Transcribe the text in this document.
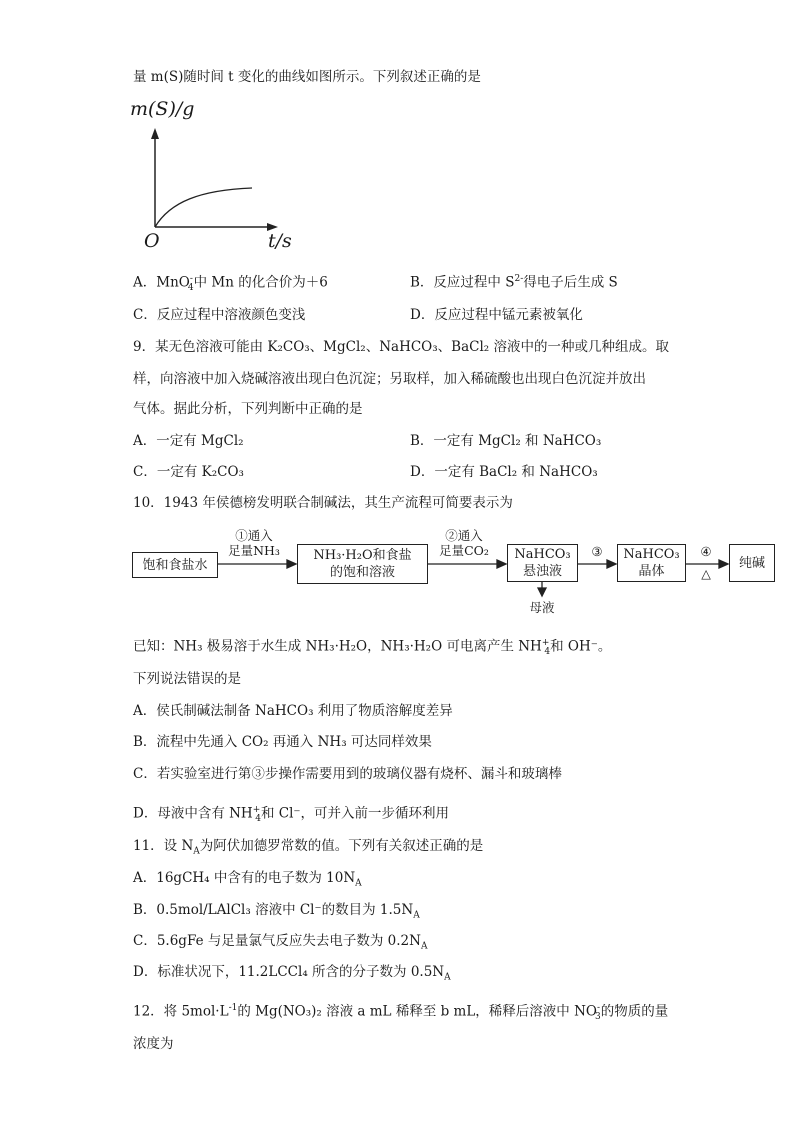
量 m(S)随时间 t 变化的曲线如图所示。下列叙述正确的是
m(S)/g
O	t/s
A．MnO-$_4$中 Mn 的化合价为＋6	B．反应过程中 $S^{2-}$得电子后生成 S
C．反应过程中溶液颜色变浅	D．反应过程中锰元素被氧化
9．某无色溶液可能由 K₂CO₃、MgCl₂、NaHCO₃、BaCl₂ 溶液中的一种或几种组成。取
样，向溶液中加入烧碱溶液出现白色沉淀；另取样，加入稀硫酸也出现白色沉淀并放出
气体。据此分析，下列判断中正确的是
A．一定有 MgCl₂	B．一定有 MgCl₂ 和 NaHCO₃
C．一定有 K₂CO₃	D．一定有 BaCl₂ 和 NaHCO₃
10．1943 年侯德榜发明联合制碱法，其生产流程可简要表示为
饱和食盐水
①通入
足量NH₃	NH₃·H₂O和食盐
的饱和溶液
②通入
足量CO₂	NaHCO₃
悬浊液
③	NaHCO₃
晶体
④
△
纯碱
母液
已知：NH₃ 极易溶于水生成 NH₃·H₂O，NH₃·H₂O 可电离产生 $NH^+_4$和 OH⁻。
下列说法错误的是
A．侯氏制碱法制备 NaHCO₃ 利用了物质溶解度差异
B．流程中先通入 CO₂ 再通入 NH₃ 可达同样效果
C．若实验室进行第③步操作需要用到的玻璃仪器有烧杯、漏斗和玻璃棒
D．母液中含有 $NH^+_4$和 Cl⁻，可并入前一步循环利用
11．设 $N_A$为阿伏加德罗常数的值。下列有关叙述正确的是
A．16gCH₄ 中含有的电子数为 $10N_A$
B．0.5mol/LAlCl₃ 溶液中 Cl⁻的数目为 $1.5N_A$
C．5.6gFe 与足量氯气反应失去电子数为 $0.2N_A$
D．标准状况下，11.2LCCl₄ 所含的分子数为 $0.5N_A$
12．将 $5mol\cdot L^{-1}$的 Mg(NO₃)₂ 溶液 a mL 稀释至 b mL，稀释后溶液中 $NO^-_3$的物质的量
浓度为
